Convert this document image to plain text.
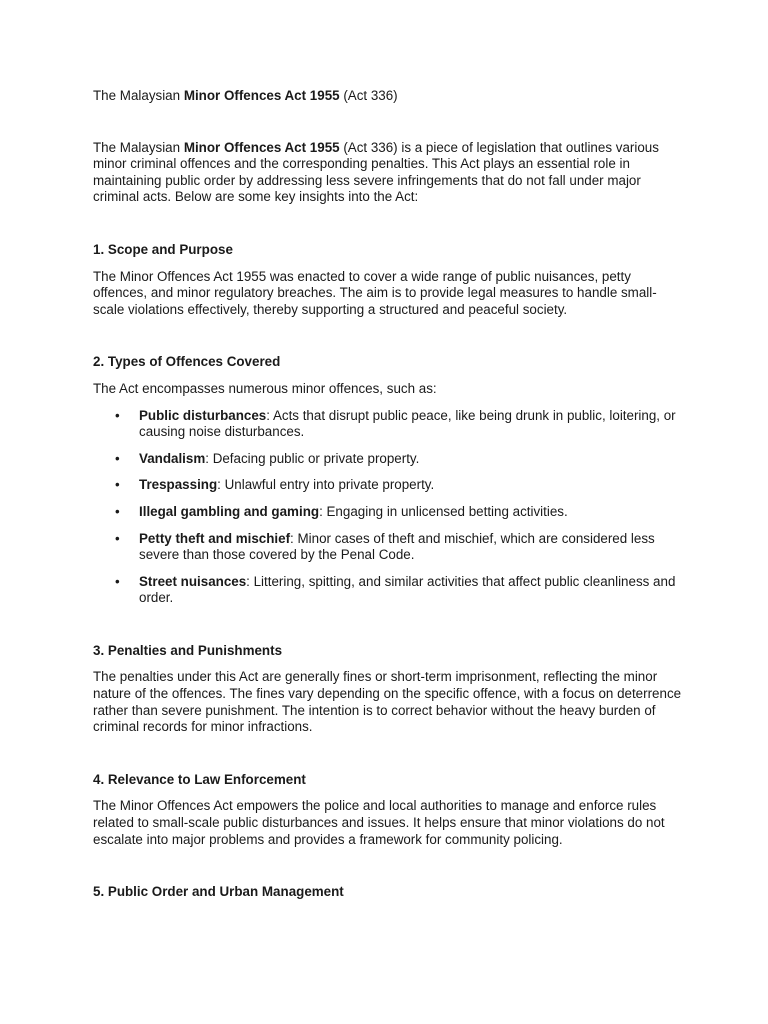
The Malaysian Minor Offences Act 1955 (Act 336)

The Malaysian Minor Offences Act 1955 (Act 336) is a piece of legislation that outlines various minor criminal offences and the corresponding penalties. This Act plays an essential role in maintaining public order by addressing less severe infringements that do not fall under major criminal acts. Below are some key insights into the Act:

1. Scope and Purpose

The Minor Offences Act 1955 was enacted to cover a wide range of public nuisances, petty offences, and minor regulatory breaches. The aim is to provide legal measures to handle small-scale violations effectively, thereby supporting a structured and peaceful society.

2. Types of Offences Covered

The Act encompasses numerous minor offences, such as:

• Public disturbances: Acts that disrupt public peace, like being drunk in public, loitering, or causing noise disturbances.
• Vandalism: Defacing public or private property.
• Trespassing: Unlawful entry into private property.
• Illegal gambling and gaming: Engaging in unlicensed betting activities.
• Petty theft and mischief: Minor cases of theft and mischief, which are considered less severe than those covered by the Penal Code.
• Street nuisances: Littering, spitting, and similar activities that affect public cleanliness and order.

3. Penalties and Punishments

The penalties under this Act are generally fines or short-term imprisonment, reflecting the minor nature of the offences. The fines vary depending on the specific offence, with a focus on deterrence rather than severe punishment. The intention is to correct behavior without the heavy burden of criminal records for minor infractions.

4. Relevance to Law Enforcement

The Minor Offences Act empowers the police and local authorities to manage and enforce rules related to small-scale public disturbances and issues. It helps ensure that minor violations do not escalate into major problems and provides a framework for community policing.

5. Public Order and Urban Management
